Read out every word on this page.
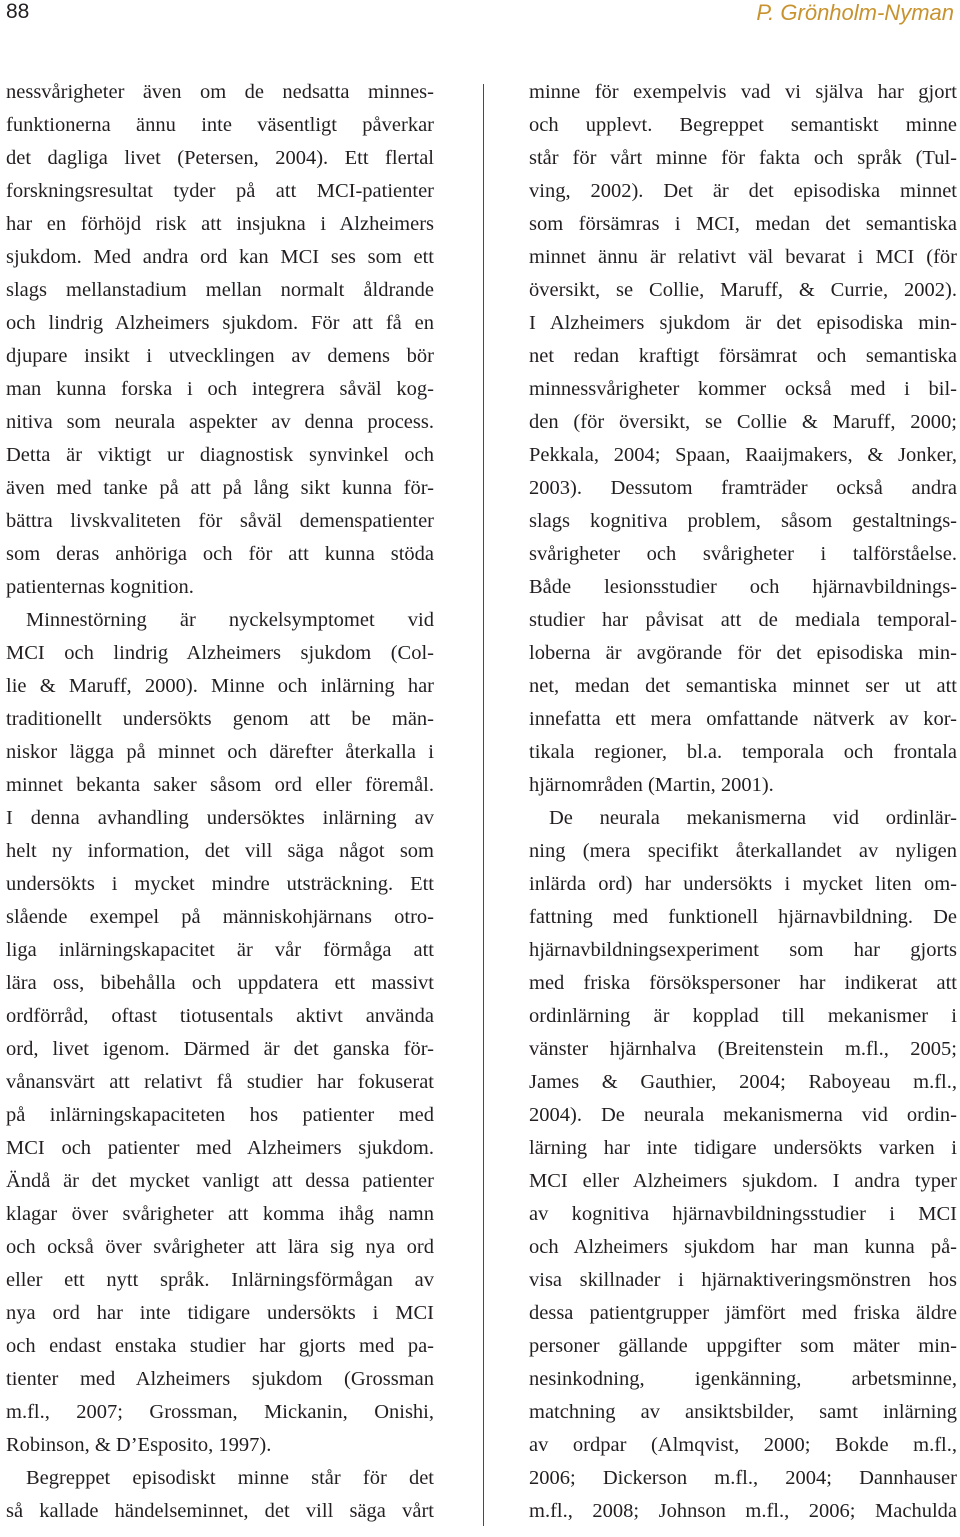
88	P. Grönholm-Nyman
nessvårigheter även om de nedsatta minnes-
funktionerna ännu inte väsentligt påverkar
det dagliga livet (Petersen, 2004). Ett flertal
forskningsresultat tyder på att MCI-patienter
har en förhöjd risk att insjukna i Alzheimers
sjukdom. Med andra ord kan MCI ses som ett
slags mellanstadium mellan normalt åldrande
och lindrig Alzheimers sjukdom. För att få en
djupare insikt i utvecklingen av demens bör
man kunna forska i och integrera såväl kog-
nitiva som neurala aspekter av denna process.
Detta är viktigt ur diagnostisk synvinkel och
även med tanke på att på lång sikt kunna för-
bättra livskvaliteten för såväl demenspatienter
som deras anhöriga och för att kunna stöda
patienternas kognition.
Minnestörning är nyckelsymptomet vid
MCI och lindrig Alzheimers sjukdom (Col-
lie & Maruff, 2000). Minne och inlärning har
traditionellt undersökts genom att be män-
niskor lägga på minnet och därefter återkalla i
minnet bekanta saker såsom ord eller föremål.
I denna avhandling undersöktes inlärning av
helt ny information, det vill säga något som
undersökts i mycket mindre utsträckning. Ett
slående exempel på människohjärnans otro-
liga inlärningskapacitet är vår förmåga att
lära oss, bibehålla och uppdatera ett massivt
ordförråd, oftast tiotusentals aktivt använda
ord, livet igenom. Därmed är det ganska för-
vånansvärt att relativt få studier har fokuserat
på inlärningskapaciteten hos patienter med
MCI och patienter med Alzheimers sjukdom.
Ändå är det mycket vanligt att dessa patienter
klagar över svårigheter att komma ihåg namn
och också över svårigheter att lära sig nya ord
eller ett nytt språk. Inlärningsförmågan av
nya ord har inte tidigare undersökts i MCI
och endast enstaka studier har gjorts med pa-
tienter med Alzheimers sjukdom (Grossman
m.fl., 2007; Grossman, Mickanin, Onishi,
Robinson, & D’Esposito, 1997).
Begreppet episodiskt minne står för det
så kallade händelseminnet, det vill säga vårt
minne för exempelvis vad vi själva har gjort
och upplevt. Begreppet semantiskt minne
står för vårt minne för fakta och språk (Tul-
ving, 2002). Det är det episodiska minnet
som försämras i MCI, medan det semantiska
minnet ännu är relativt väl bevarat i MCI (för
översikt, se Collie, Maruff, & Currie, 2002).
I Alzheimers sjukdom är det episodiska min-
net redan kraftigt försämrat och semantiska
minnessvårigheter kommer också med i bil-
den (för översikt, se Collie & Maruff, 2000;
Pekkala, 2004; Spaan, Raaijmakers, & Jonker,
2003). Dessutom framträder också andra
slags kognitiva problem, såsom gestaltnings-
svårigheter och svårigheter i talförståelse.
Både lesionsstudier och hjärnavbildnings-
studier har påvisat att de mediala temporal-
loberna är avgörande för det episodiska min-
net, medan det semantiska minnet ser ut att
innefatta ett mera omfattande nätverk av kor-
tikala regioner, bl.a. temporala och frontala
hjärnområden (Martin, 2001).
De neurala mekanismerna vid ordinlär-
ning (mera specifikt återkallandet av nyligen
inlärda ord) har undersökts i mycket liten om-
fattning med funktionell hjärnavbildning. De
hjärnavbildningsexperiment som har gjorts
med friska försökspersoner har indikerat att
ordinlärning är kopplad till mekanismer i
vänster hjärnhalva (Breitenstein m.fl., 2005;
James & Gauthier, 2004; Raboyeau m.fl.,
2004). De neurala mekanismerna vid ordin-
lärning har inte tidigare undersökts varken i
MCI eller Alzheimers sjukdom. I andra typer
av kognitiva hjärnavbildningsstudier i MCI
och Alzheimers sjukdom har man kunna på-
visa skillnader i hjärnaktiveringsmönstren hos
dessa patientgrupper jämfört med friska äldre
personer gällande uppgifter som mäter min-
nesinkodning, igenkänning, arbetsminne,
matchning av ansiktsbilder, samt inlärning
av ordpar (Almqvist, 2000; Bokde m.fl.,
2006; Dickerson m.fl., 2004; Dannhauser
m.fl., 2008; Johnson m.fl., 2006; Machulda
